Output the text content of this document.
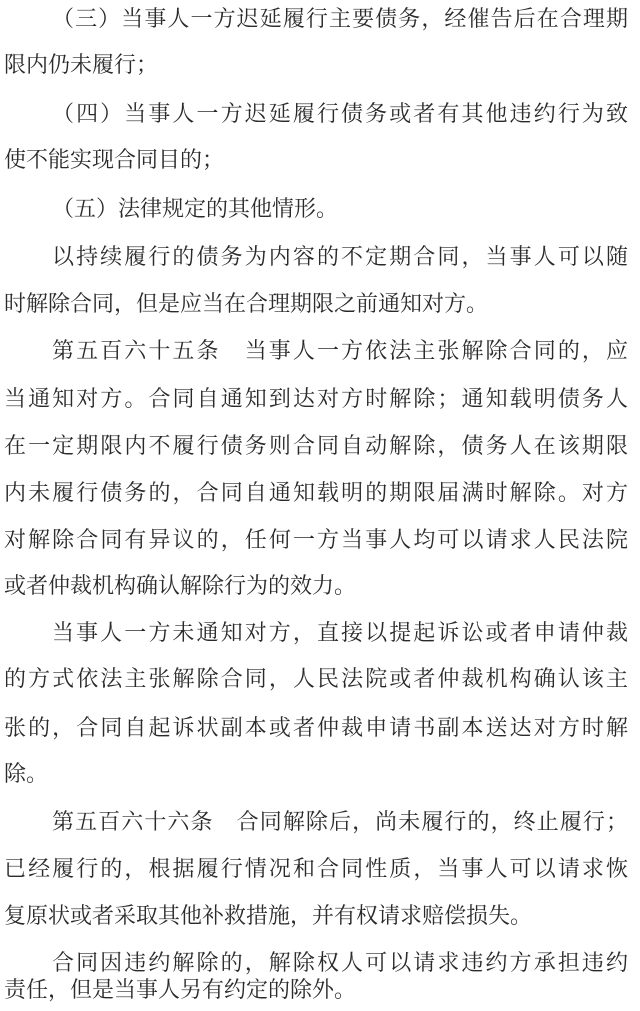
（三）当事人一方迟延履行主要债务，经催告后在合理期
限内仍未履行；
（四）当事人一方迟延履行债务或者有其他违约行为致
使不能实现合同目的；
（五）法律规定的其他情形。
以持续履行的债务为内容的不定期合同，当事人可以随
时解除合同，但是应当在合理期限之前通知对方。
第五百六十五条　当事人一方依法主张解除合同的，应
当通知对方。合同自通知到达对方时解除；通知载明债务人
在一定期限内不履行债务则合同自动解除，债务人在该期限
内未履行债务的，合同自通知载明的期限届满时解除。对方
对解除合同有异议的，任何一方当事人均可以请求人民法院
或者仲裁机构确认解除行为的效力。
当事人一方未通知对方，直接以提起诉讼或者申请仲裁
的方式依法主张解除合同，人民法院或者仲裁机构确认该主
张的，合同自起诉状副本或者仲裁申请书副本送达对方时解
除。
第五百六十六条　合同解除后，尚未履行的，终止履行；
已经履行的，根据履行情况和合同性质，当事人可以请求恢
复原状或者采取其他补救措施，并有权请求赔偿损失。
合同因违约解除的，解除权人可以请求违约方承担违约
责任，但是当事人另有约定的除外。
